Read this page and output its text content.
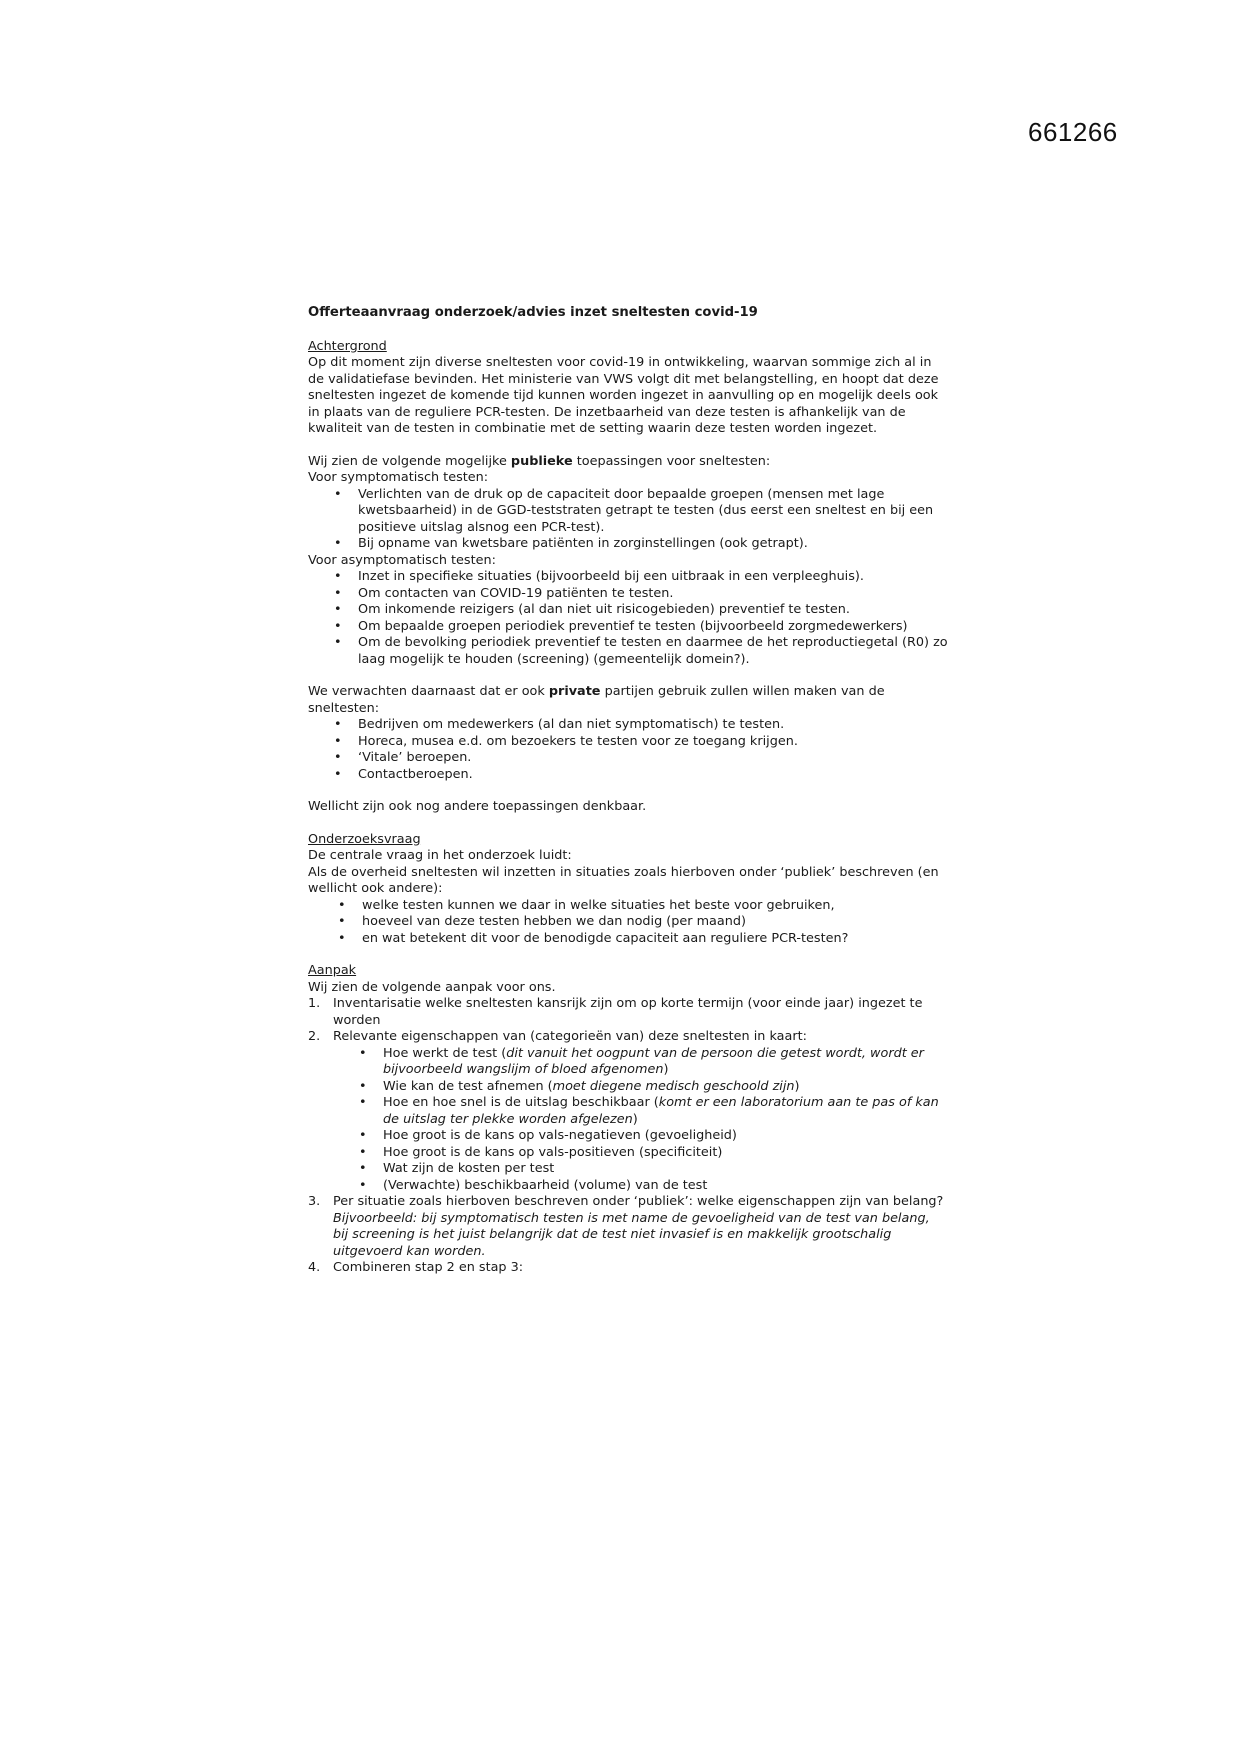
661266

Offerteaanvraag onderzoek/advies inzet sneltesten covid-19

Achtergrond

Op dit moment zijn diverse sneltesten voor covid-19 in ontwikkeling, waarvan sommige zich al in de validatiefase bevinden. Het ministerie van VWS volgt dit met belangstelling, en hoopt dat deze sneltesten ingezet de komende tijd kunnen worden ingezet in aanvulling op en mogelijk deels ook in plaats van de reguliere PCR-testen. De inzetbaarheid van deze testen is afhankelijk van de kwaliteit van de testen in combinatie met de setting waarin deze testen worden ingezet.

Wij zien de volgende mogelijke publieke toepassingen voor sneltesten:

Voor symptomatisch testen:

• Verlichten van de druk op de capaciteit door bepaalde groepen (mensen met lage kwetsbaarheid) in de GGD-teststraten getrapt te testen (dus eerst een sneltest en bij een positieve uitslag alsnog een PCR-test).
• Bij opname van kwetsbare patiënten in zorginstellingen (ook getrapt).

Voor asymptomatisch testen:

• Inzet in specifieke situaties (bijvoorbeeld bij een uitbraak in een verpleeghuis).
• Om contacten van COVID-19 patiënten te testen.
• Om inkomende reizigers (al dan niet uit risicogebieden) preventief te testen.
• Om bepaalde groepen periodiek preventief te testen (bijvoorbeeld zorgmedewerkers)
• Om de bevolking periodiek preventief te testen en daarmee de het reproductiegetal (R0) zo laag mogelijk te houden (screening) (gemeentelijk domein?).

We verwachten daarnaast dat er ook private partijen gebruik zullen willen maken van de sneltesten:

• Bedrijven om medewerkers (al dan niet symptomatisch) te testen.
• Horeca, musea e.d. om bezoekers te testen voor ze toegang krijgen.
• ‘Vitale’ beroepen.
• Contactberoepen.

Wellicht zijn ook nog andere toepassingen denkbaar.

Onderzoeksvraag

De centrale vraag in het onderzoek luidt:

Als de overheid sneltesten wil inzetten in situaties zoals hierboven onder ‘publiek’ beschreven (en wellicht ook andere):

• welke testen kunnen we daar in welke situaties het beste voor gebruiken,
• hoeveel van deze testen hebben we dan nodig (per maand)
• en wat betekent dit voor de benodigde capaciteit aan reguliere PCR-testen?

Aanpak

Wij zien de volgende aanpak voor ons.

Inventarisatie welke sneltesten kansrijk zijn om op korte termijn (voor einde jaar) ingezet te worden
Relevante eigenschappen van (categorieën van) deze sneltesten in kaart:
• Hoe werkt de test (dit vanuit het oogpunt van de persoon die getest wordt, wordt er bijvoorbeeld wangslijm of bloed afgenomen)
• Wie kan de test afnemen (moet diegene medisch geschoold zijn)
• Hoe en hoe snel is de uitslag beschikbaar (komt er een laboratorium aan te pas of kan de uitslag ter plekke worden afgelezen)
• Hoe groot is de kans op vals-negatieven (gevoeligheid)
• Hoe groot is de kans op vals-positieven (specificiteit)
• Wat zijn de kosten per test
• (Verwachte) beschikbaarheid (volume) van de test
Per situatie zoals hierboven beschreven onder ‘publiek’: welke eigenschappen zijn van belang?
Bijvoorbeeld: bij symptomatisch testen is met name de gevoeligheid van de test van belang, bij screening is het juist belangrijk dat de test niet invasief is en makkelijk grootschalig uitgevoerd kan worden.
Combineren stap 2 en stap 3:
